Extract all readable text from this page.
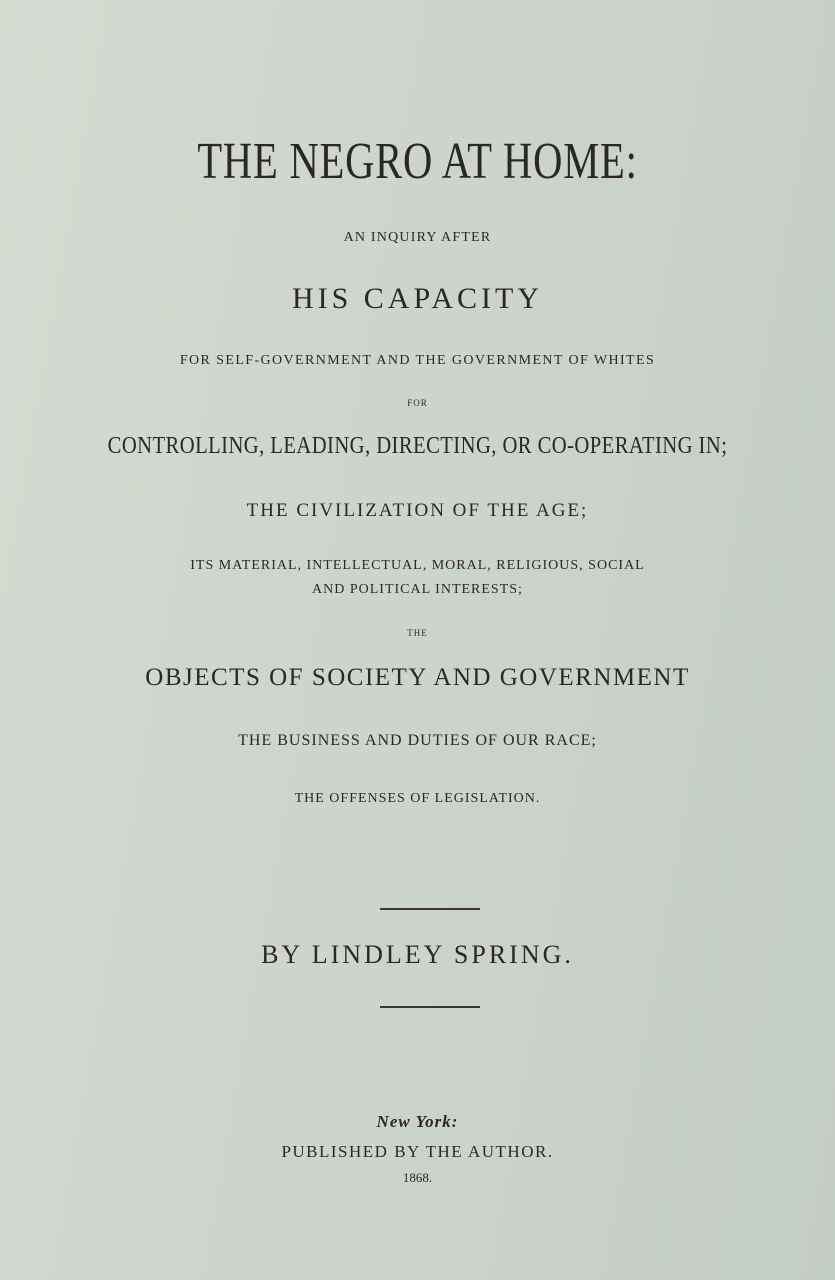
THE NEGRO AT HOME:

AN INQUIRY AFTER

HIS CAPACITY

FOR SELF-GOVERNMENT AND THE GOVERNMENT OF WHITES

FOR

CONTROLLING, LEADING, DIRECTING, OR CO-OPERATING IN;

THE CIVILIZATION OF THE AGE;

ITS MATERIAL, INTELLECTUAL, MORAL, RELIGIOUS, SOCIAL

AND POLITICAL INTERESTS;

THE

OBJECTS OF SOCIETY AND GOVERNMENT

THE BUSINESS AND DUTIES OF OUR RACE;

THE OFFENSES OF LEGISLATION.

BY LINDLEY SPRING.

New York:

PUBLISHED BY THE AUTHOR.

1868.
